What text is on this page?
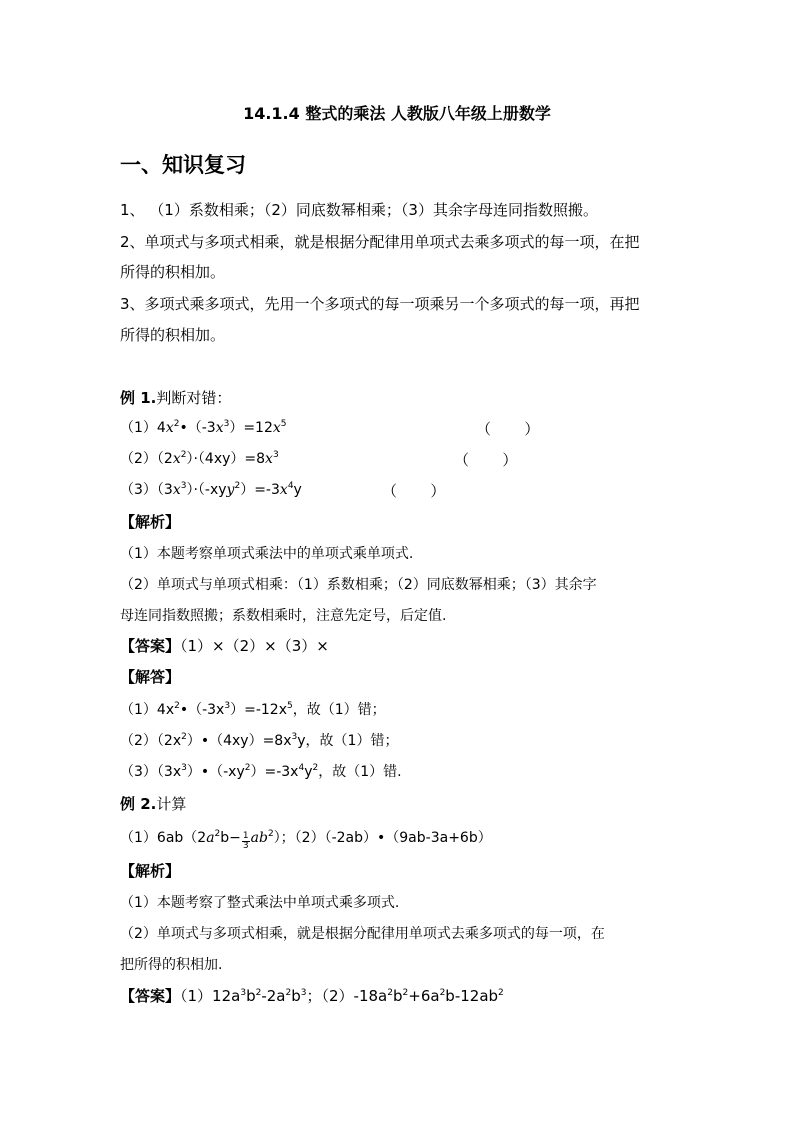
14.1.4 整式的乘法 人教版八年级上册数学
一、知识复习
1、 （1）系数相乘；（2）同底数幂相乘；（3）其余字母连同指数照搬。
2、单项式与多项式相乘，就是根据分配律用单项式去乘多项式的每一项，在把
所得的积相加。
3、多项式乘多项式，先用一个多项式的每一项乘另一个多项式的每一项，再把
所得的积相加。
例 1.判断对错：
$(1)4x^2•(-3x^3)=12x^5$	（       ）
$(2)(2x^2)\cdot(4xy)=8x^3$	（       ）
$(3)(3x^3)\cdot(-xyy^2)=-3x^4y$	（       ）
【解析】
（1）本题考察单项式乘法中的单项式乘单项式.
（2）单项式与单项式相乘：（1）系数相乘；（2）同底数幂相乘；（3）其余字
母连同指数照搬；系数相乘时，注意先定号，后定值.
【答案】（1）×（2）×（3）×
【解答】
$(1)4x^2•(-3x^3)=-12x^5$，故（1）错；
$(2)(2x^2)•(4xy)=8x^3y$，故（1）错；
$(3)(3x^3)•(-xy^2)=-3x^4y^2$，故（1）错.
例 2.计算
$(1)6ab(2a^2b- \frac{1}{3} ab^2)$；（2）（-2ab）•（9ab-3a+6b）
【解析】
（1）本题考察了整式乘法中单项式乘多项式.
（2）单项式与多项式相乘，就是根据分配律用单项式去乘多项式的每一项，在
把所得的积相加.
【答案】$(1)12a^3b^2-2a^2b^3$；$(2)-18a^2b^2+6a^2b-12ab^2$
